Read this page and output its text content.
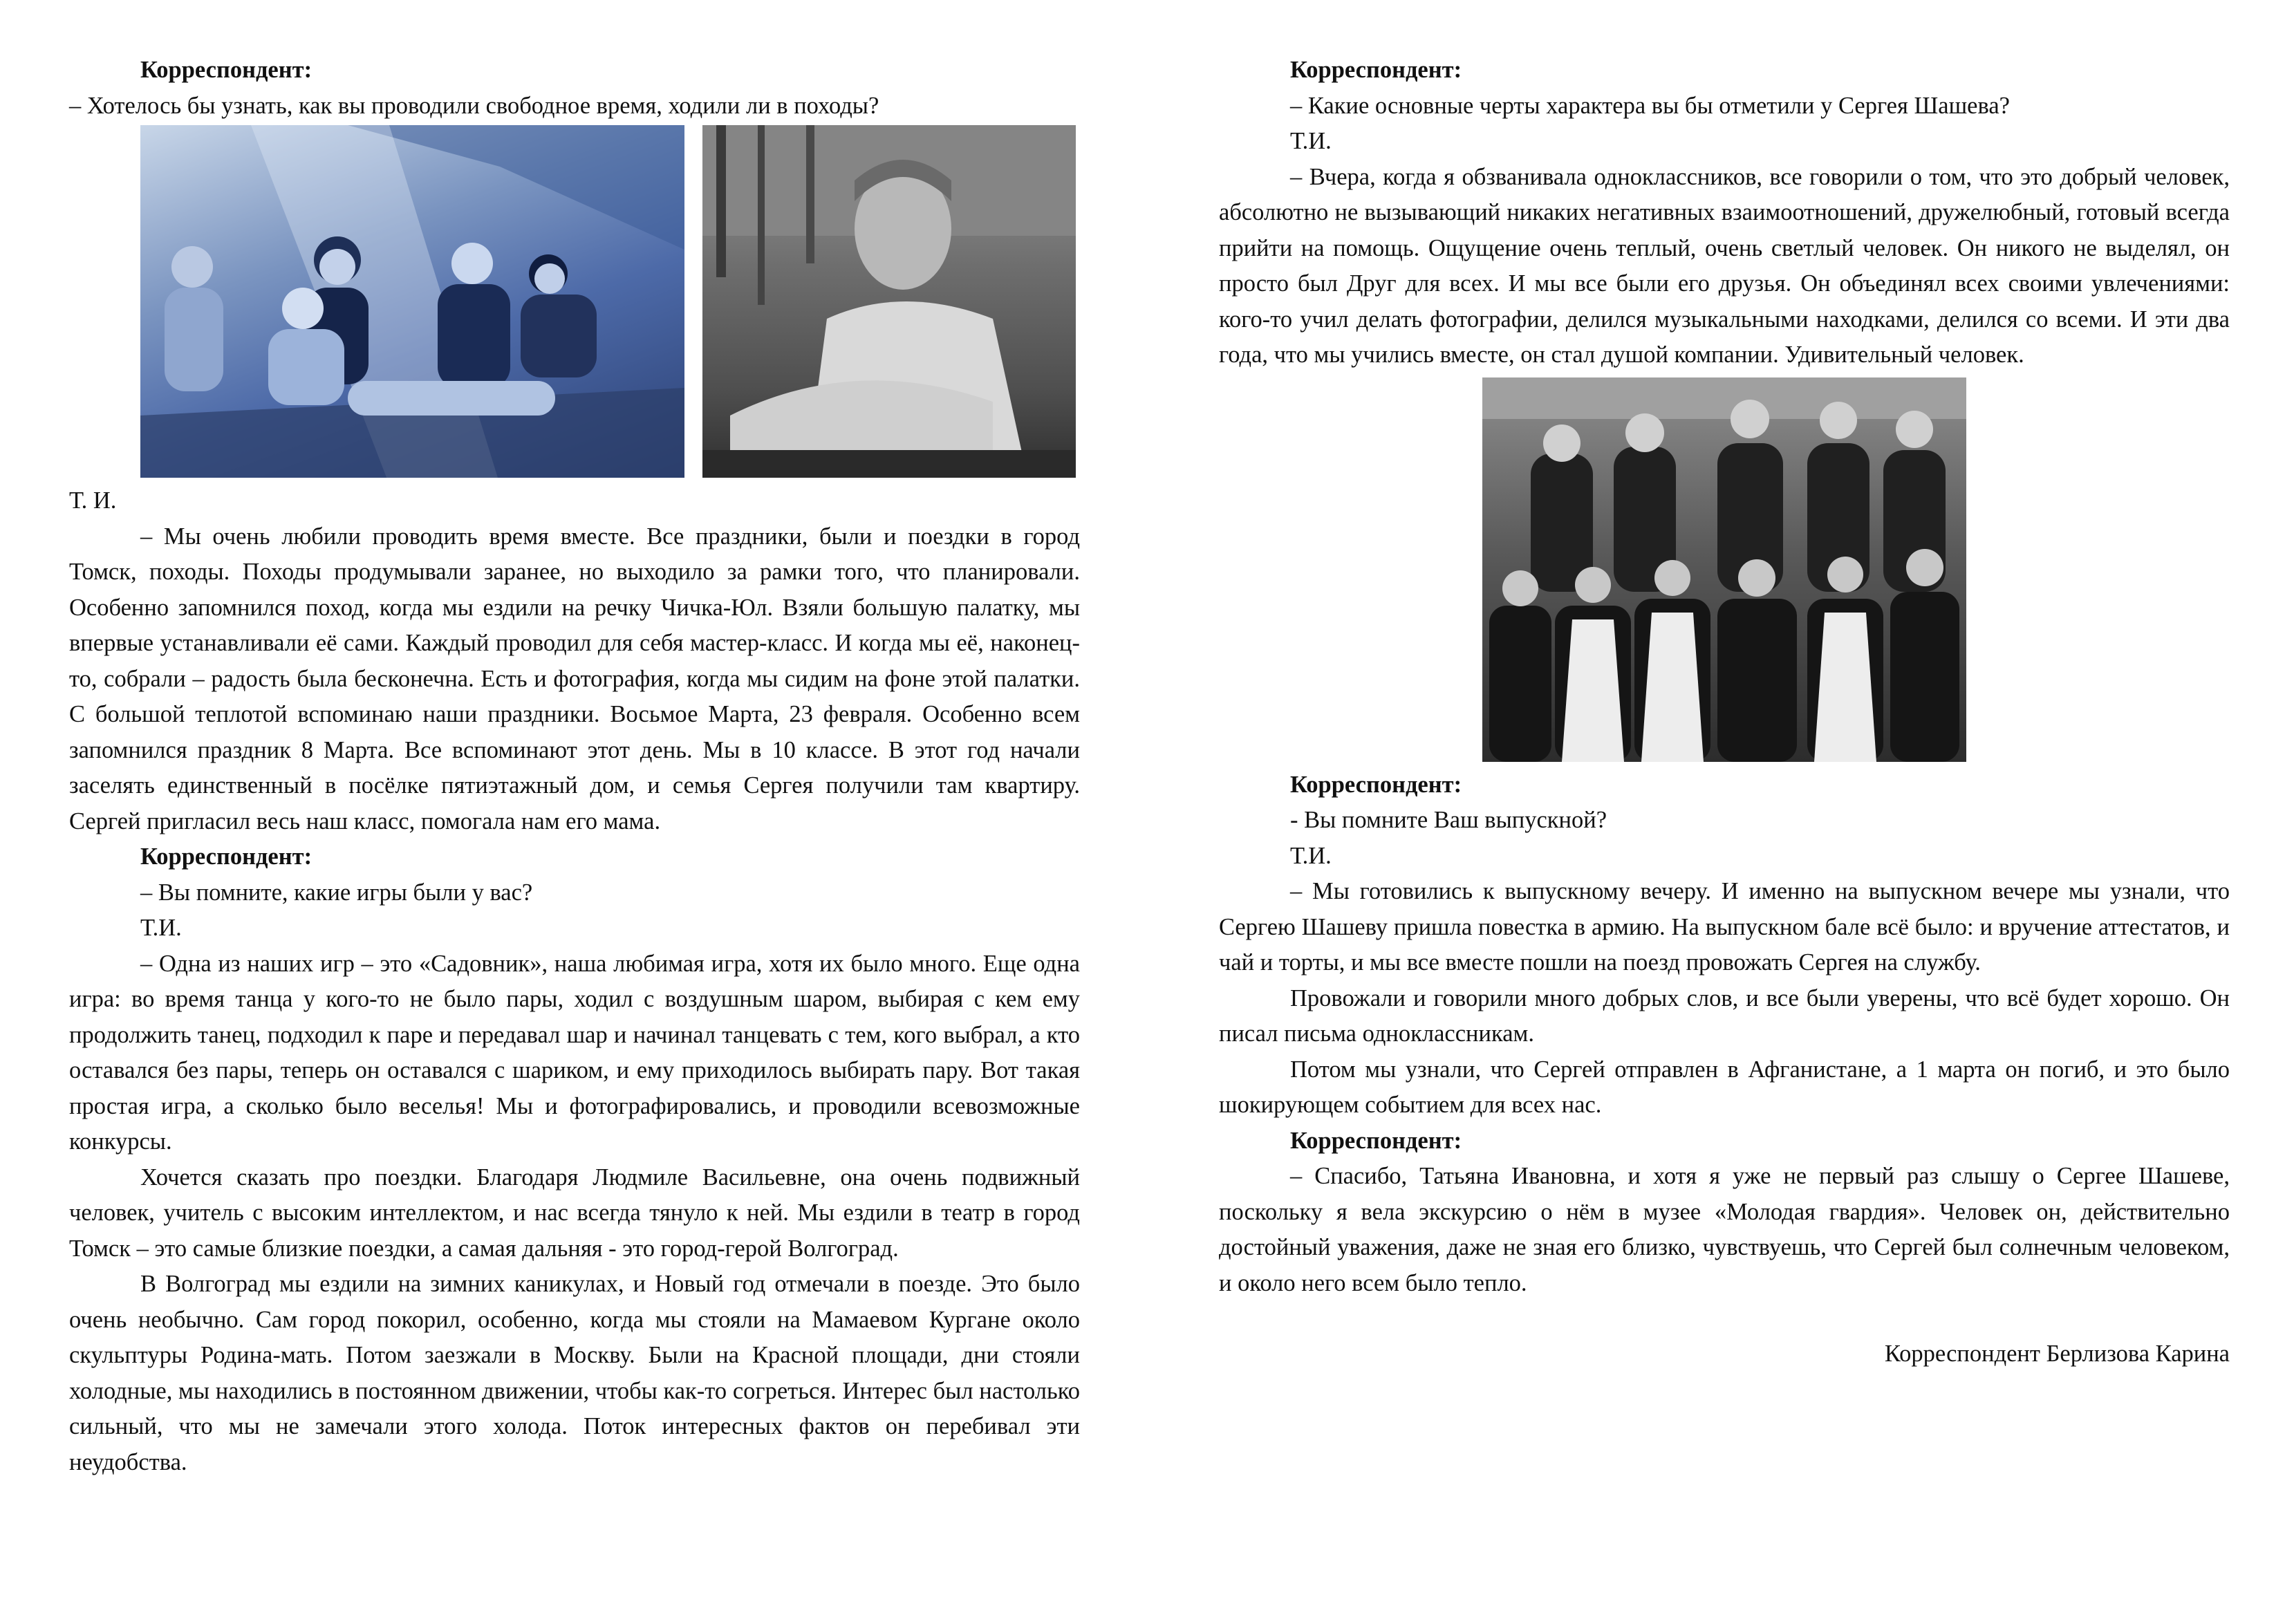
Корреспондент:

– Хотелось бы узнать, как вы проводили свободное время, ходили ли в походы?

Т. И.

– Мы очень любили проводить время вместе. Все праздники, были и поездки в город Томск, походы. Походы продумывали заранее, но выходило за рамки того, что планировали. Особенно запомнился поход, когда мы ездили на речку Чичка-Юл. Взяли большую палатку, мы впервые устанавливали её сами. Каждый проводил для себя мастер-класс. И когда мы её, наконец-то, собрали – радость была бесконечна. Есть и фотография, когда мы сидим на фоне этой палатки. С большой теплотой вспоминаю наши праздники. Восьмое Марта, 23 февраля. Особенно всем запомнился праздник 8 Марта. Все вспоминают этот день. Мы в 10 классе. В этот год начали заселять единственный в посёлке пятиэтажный дом, и семья Сергея получили там квартиру. Сергей пригласил весь наш класс, помогала нам его мама.

Корреспондент:

– Вы помните, какие игры были у вас?

Т.И.

– Одна из наших игр – это «Садовник», наша любимая игра, хотя их было много. Еще одна игра: во время танца у кого-то не было пары, ходил с воздушным шаром, выбирая с кем ему продолжить танец, подходил к паре и передавал шар и начинал танцевать с тем, кого выбрал, а кто оставался без пары, теперь он оставался с шариком, и ему приходилось выбирать пару. Вот такая простая игра, а сколько было веселья! Мы и фотографировались, и проводили всевозможные конкурсы.

Хочется сказать про поездки. Благодаря Людмиле Васильевне, она очень подвижный человек, учитель с высоким интеллектом, и нас всегда тянуло к ней. Мы ездили в театр в город Томск – это самые близкие поездки, а самая дальняя - это город-герой Волгоград.

В Волгоград мы ездили на зимних каникулах, и Новый год отмечали в поезде. Это было очень необычно. Сам город покорил, особенно, когда мы стояли на Мамаевом Кургане около скульптуры Родина-мать. Потом заезжали в Москву. Были на Красной площади, дни стояли холодные, мы находились в постоянном движении, чтобы как-то согреться. Интерес был настолько сильный, что мы не замечали этого холода. Поток интересных фактов он перебивал эти неудобства.

Корреспондент:

– Какие основные черты характера вы бы отметили у Сергея Шашева?

Т.И.

– Вчера, когда я обзванивала одноклассников, все говорили о том, что это добрый человек, абсолютно не вызывающий никаких негативных взаимоотношений, дружелюбный, готовый всегда прийти на помощь. Ощущение очень теплый, очень светлый человек. Он никого не выделял, он просто был Друг для всех. И мы все были его друзья. Он объединял всех своими увлечениями: кого-то учил делать фотографии, делился музыкальными находками, делился со всеми. И эти два года, что мы учились вместе, он стал душой компании. Удивительный человек.

Корреспондент:

- Вы помните Ваш выпускной?

Т.И.

– Мы готовились к выпускному вечеру. И именно на выпускном вечере мы узнали, что Сергею Шашеву пришла повестка в армию. На выпускном бале всё было: и вручение аттестатов, и чай и торты, и мы все вместе пошли на поезд провожать Сергея на службу.

Провожали и говорили много добрых слов, и все были уверены, что всё будет хорошо. Он писал письма одноклассникам.

Потом мы узнали, что Сергей отправлен в Афганистане, а 1 марта он погиб, и это было шокирующем событием для всех нас.

Корреспондент:

– Спасибо, Татьяна Ивановна, и хотя я уже не первый раз слышу о Сергее Шашеве, поскольку я вела экскурсию о нём в музее «Молодая гвардия». Человек он, действительно достойный уважения, даже не зная его близко, чувствуешь, что Сергей был солнечным человеком, и около него всем было тепло.

Корреспондент Берлизова Карина
